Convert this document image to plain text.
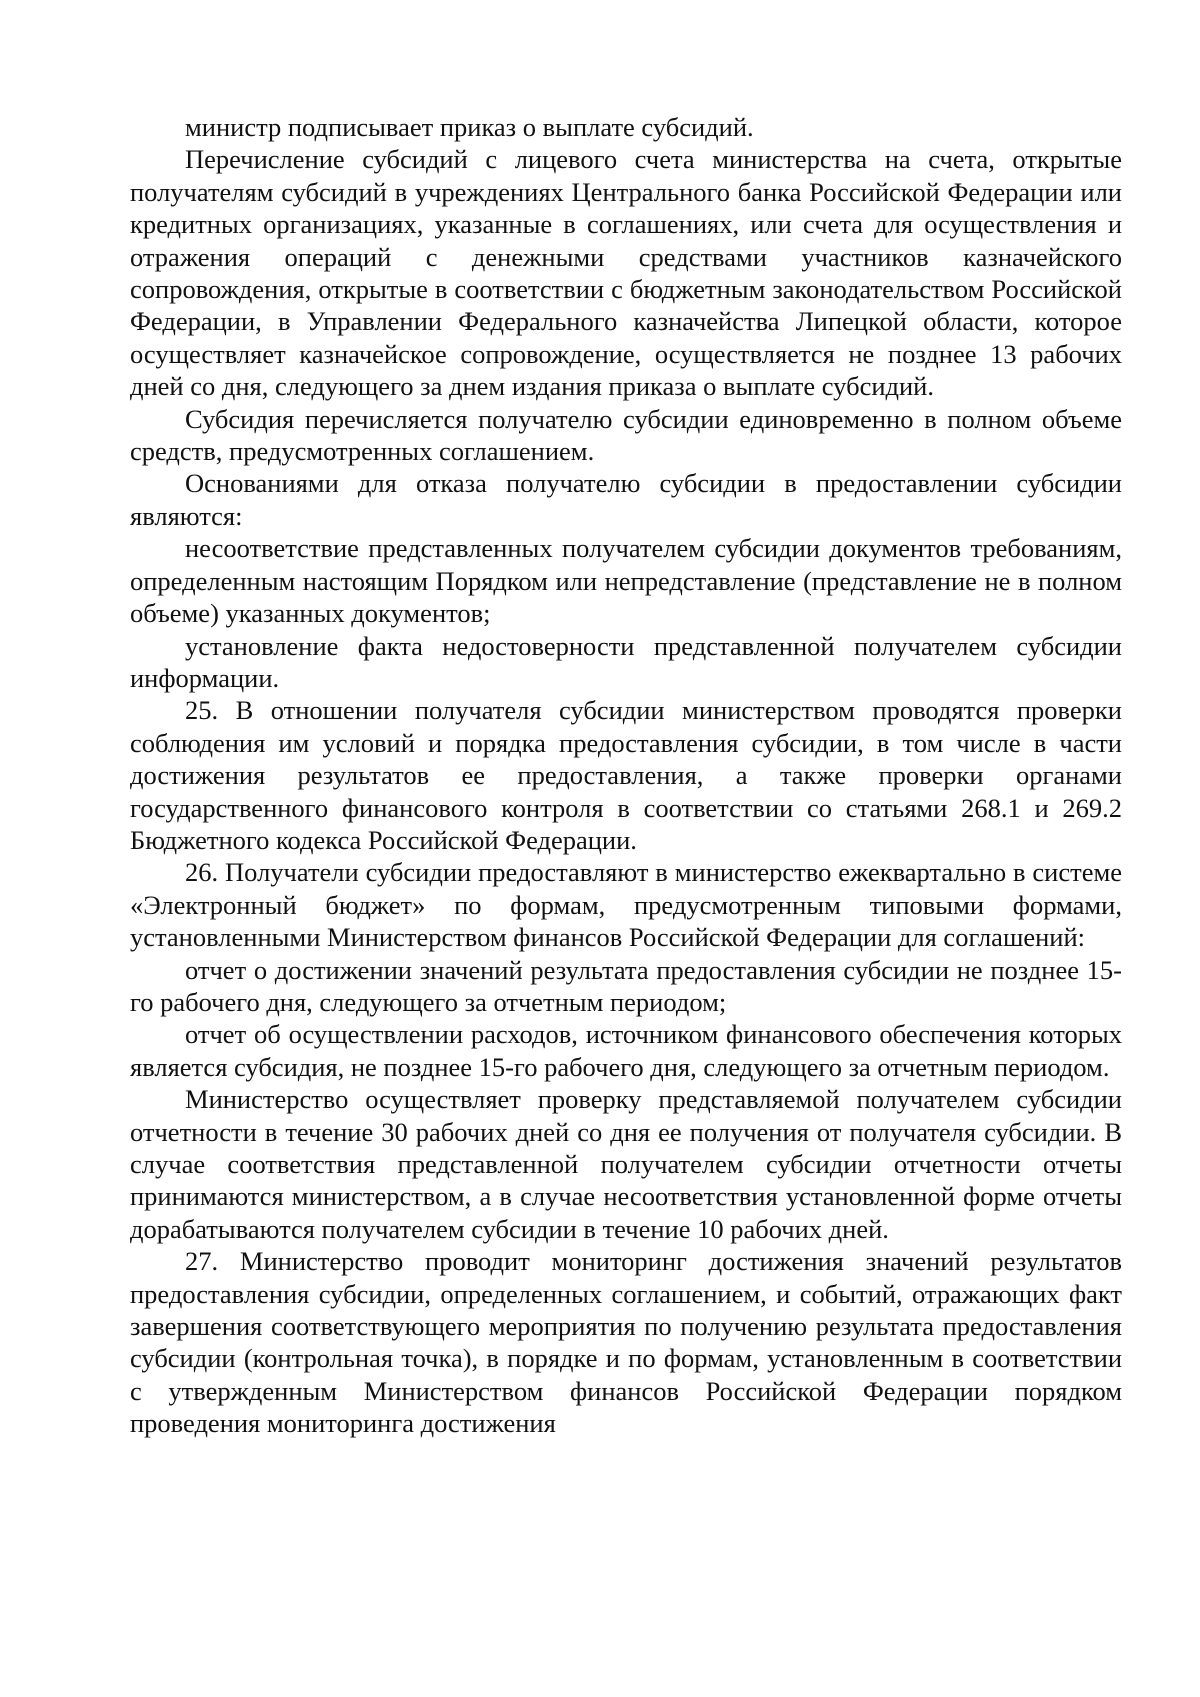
министр подписывает приказ о выплате субсидий.

Перечисление субсидий с лицевого счета министерства на счета, открытые получателям субсидий в учреждениях Центрального банка Российской Федерации или кредитных организациях, указанные в соглашениях, или счета для осуществления и отражения операций с денежными средствами участников казначейского сопровождения, открытые в соответствии с бюджетным законодательством Российской Федерации, в Управлении Федерального казначейства Липецкой области, которое осуществляет казначейское сопровождение, осуществляется не позднее 13 рабочих дней со дня, следующего за днем издания приказа о выплате субсидий.

Субсидия перечисляется получателю субсидии единовременно в полном объеме средств, предусмотренных соглашением.

Основаниями для отказа получателю субсидии в предоставлении субсидии являются:

несоответствие представленных получателем субсидии документов требованиям, определенным настоящим Порядком или непредставление (представление не в полном объеме) указанных документов;

установление факта недостоверности представленной получателем субсидии информации.

25. В отношении получателя субсидии министерством проводятся проверки соблюдения им условий и порядка предоставления субсидии, в том числе в части достижения результатов ее предоставления, а также проверки органами государственного финансового контроля в соответствии со статьями 268.1 и 269.2 Бюджетного кодекса Российской Федерации.

26. Получатели субсидии предоставляют в министерство ежеквартально в системе «Электронный бюджет» по формам, предусмотренным типовыми формами, установленными Министерством финансов Российской Федерации для соглашений:

отчет о достижении значений результата предоставления субсидии не позднее 15-го рабочего дня, следующего за отчетным периодом;

отчет об осуществлении расходов, источником финансового обеспечения которых является субсидия, не позднее 15-го рабочего дня, следующего за отчетным периодом.

Министерство осуществляет проверку представляемой получателем субсидии отчетности в течение 30 рабочих дней со дня ее получения от получателя субсидии. В случае соответствия представленной получателем субсидии отчетности отчеты принимаются министерством, а в случае несоответствия установленной форме отчеты дорабатываются получателем субсидии в течение 10 рабочих дней.

27. Министерство проводит мониторинг достижения значений результатов предоставления субсидии, определенных соглашением, и событий, отражающих факт завершения соответствующего мероприятия по получению результата предоставления субсидии (контрольная точка), в порядке и по формам, установленным в соответствии с утвержденным Министерством финансов Российской Федерации порядком проведения мониторинга достижения
